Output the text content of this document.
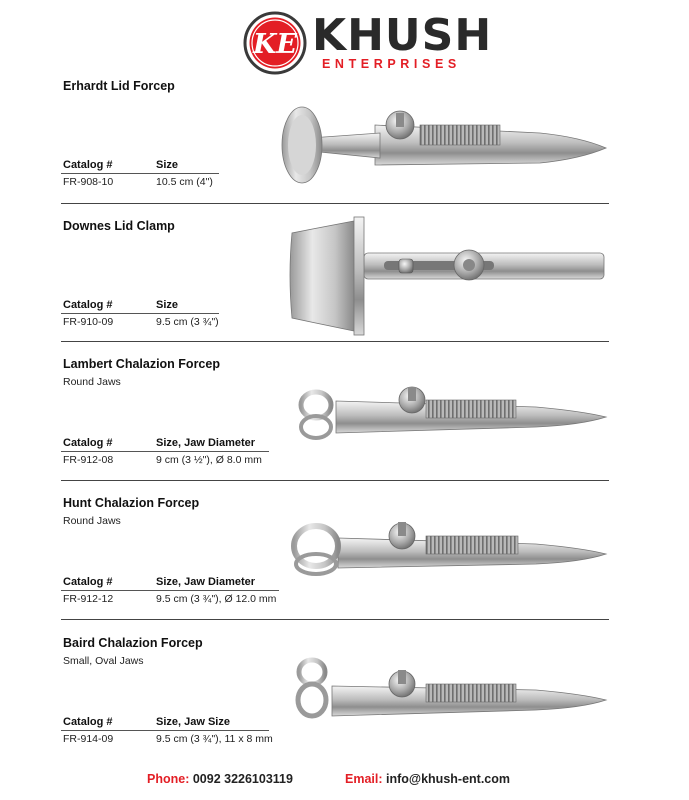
KE KHUSH
ENTERPRISES
Erhardt Lid Forcep
Catalog #	Size
FR-908-10	10.5 cm (4")
Downes Lid Clamp
Catalog #	Size
FR-910-09	9.5 cm (3 ¾")
Lambert Chalazion Forcep
Round Jaws
Catalog #	Size, Jaw Diameter
FR-912-08	9 cm (3 ½"), Ø 8.0 mm
Hunt Chalazion Forcep
Round Jaws
Catalog #	Size, Jaw Diameter
FR-912-12	9.5 cm (3 ¾"), Ø 12.0 mm
Baird Chalazion Forcep
Small, Oval Jaws
Catalog #	Size, Jaw Size
FR-914-09	9.5 cm (3 ¾"), 11 x 8 mm
Phone: 0092 3226103119	Email: info@khush-ent.com
